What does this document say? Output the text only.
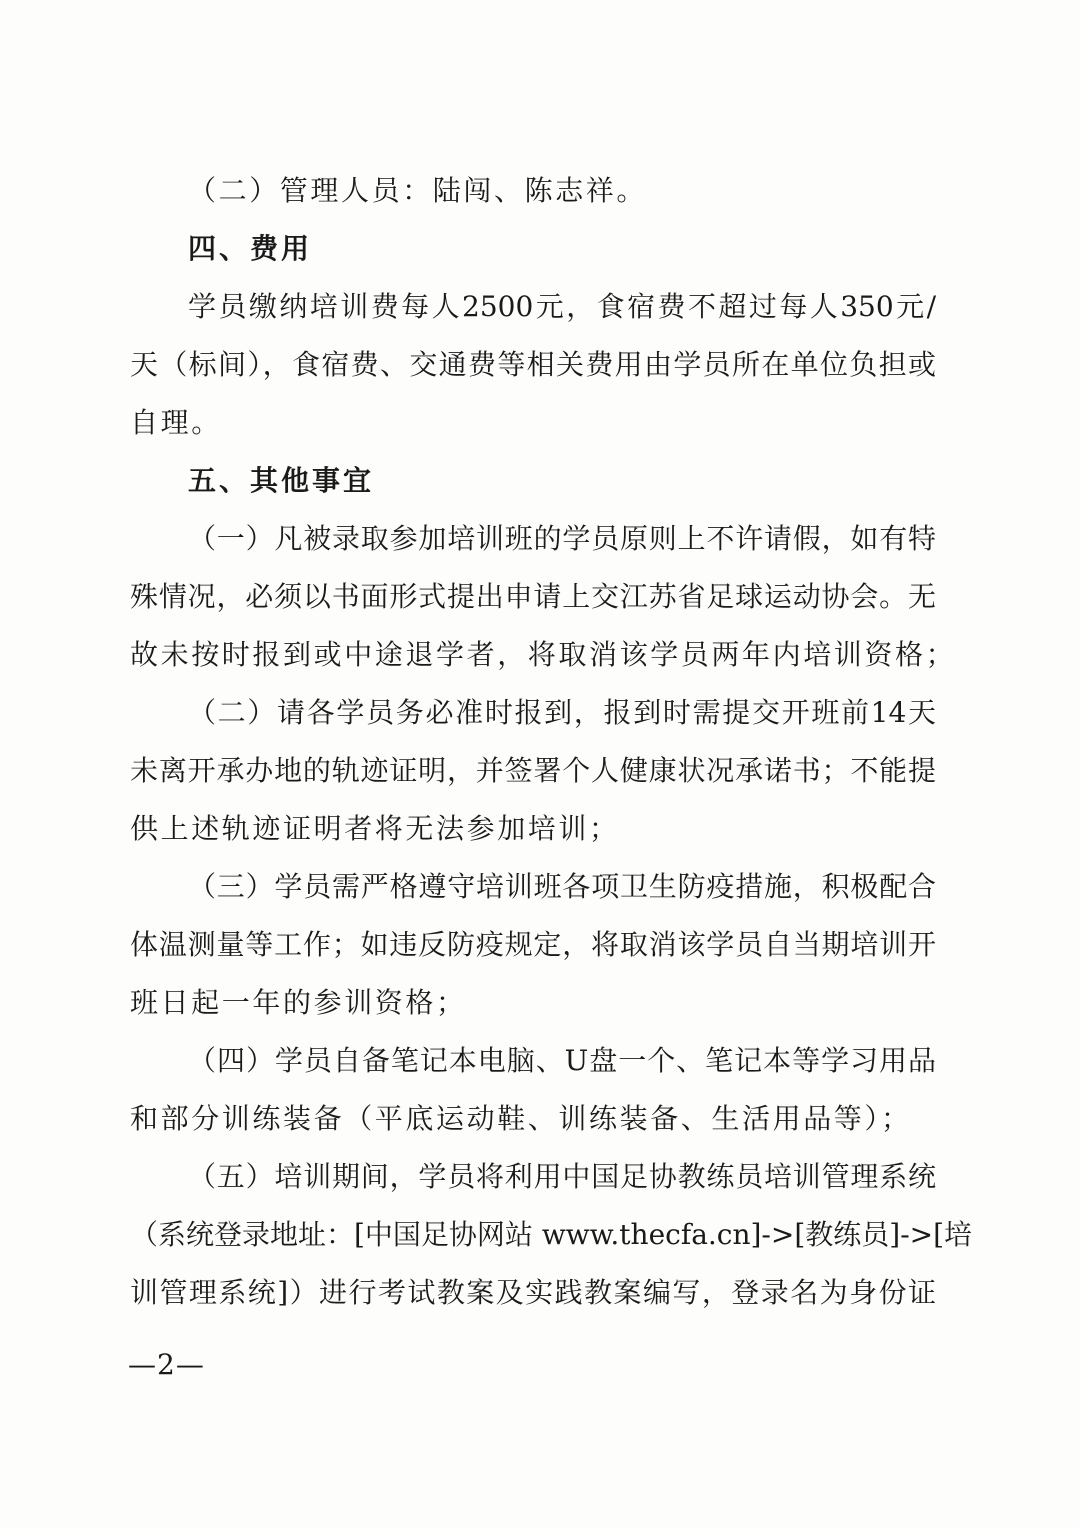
（二）管理人员：陆闯、陈志祥。
四、费用
学员缴纳培训费每人2500元，食宿费不超过每人350元/
天（标间），食宿费、交通费等相关费用由学员所在单位负担或
自理。
五、其他事宜
（一）凡被录取参加培训班的学员原则上不许请假，如有特
殊情况，必须以书面形式提出申请上交江苏省足球运动协会。无
故未按时报到或中途退学者，将取消该学员两年内培训资格；
（二）请各学员务必准时报到，报到时需提交开班前14天
未离开承办地的轨迹证明，并签署个人健康状况承诺书；不能提
供上述轨迹证明者将无法参加培训；
（三）学员需严格遵守培训班各项卫生防疫措施，积极配合
体温测量等工作；如违反防疫规定，将取消该学员自当期培训开
班日起一年的参训资格；
（四）学员自备笔记本电脑、U盘一个、笔记本等学习用品
和部分训练装备（平底运动鞋、训练装备、生活用品等）；
（五）培训期间，学员将利用中国足协教练员培训管理系统
（系统登录地址：[中国足协网站 www.thecfa.cn]->[教练员]->[培
训管理系统]）进行考试教案及实践教案编写，登录名为身份证
—2—
